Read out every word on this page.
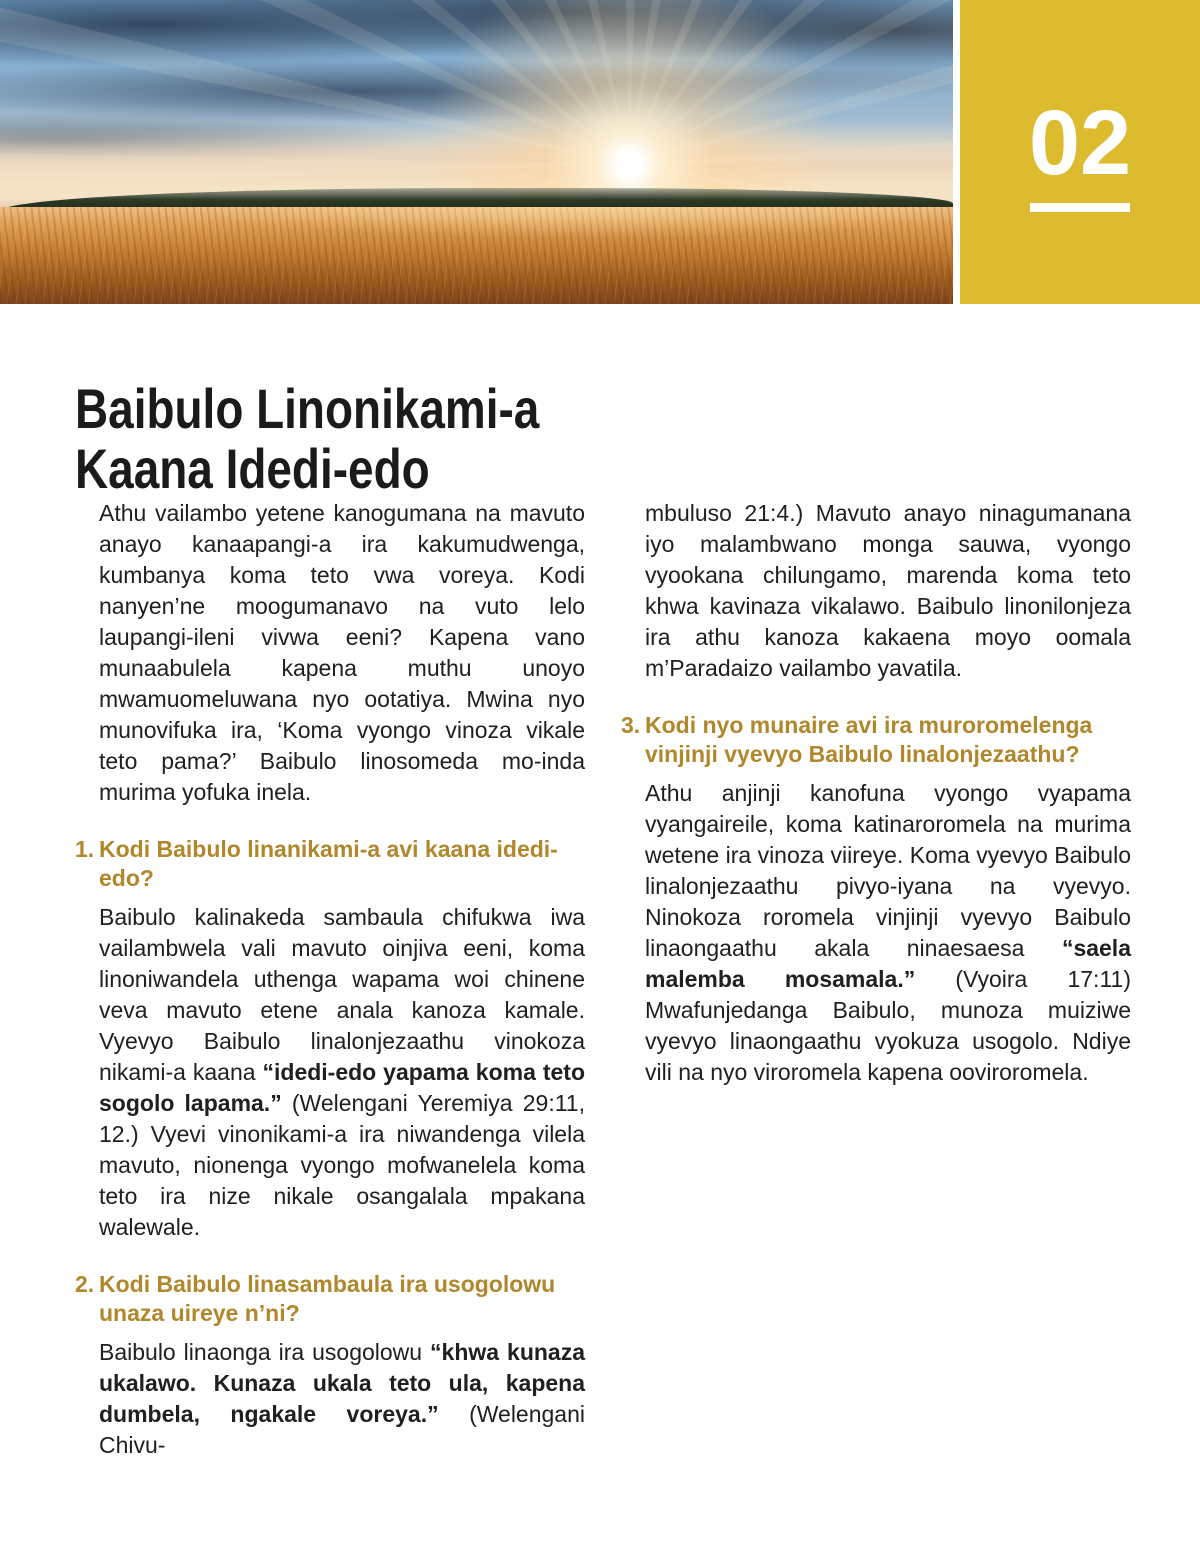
02
Baibulo Linonikami-a
Kaana Idedi-edo

Athu vailambo yetene kanogumana na mavuto anayo kanaapangi-a ira kakumudwenga, kumbanya koma teto vwa voreya. Kodi nanyen’ne moogumanavo na vuto lelo laupangi-ileni vivwa eeni? Kapena vano munaabulela kapena muthu unoyo mwamuomeluwana nyo ootatiya. Mwina nyo munovifuka ira, ‘Koma vyongo vinoza vikale teto pama?’ Baibulo linosomeda mo-inda murima yofuka inela.

1. Kodi Baibulo linanikami-a avi kaana idedi-edo?

Baibulo kalinakeda sambaula chifukwa iwa vailambwela vali mavuto oinjiva eeni, koma linoniwandela uthenga wapama woi chinene veva mavuto etene anala kanoza kamale. Vyevyo Baibulo linalonjezaathu vinokoza nikami-a kaana “idedi-edo yapama koma teto sogolo lapama.” (Welengani Yeremiya 29:11, 12.) Vyevi vinonikami-a ira niwandenga vilela mavuto, nionenga vyongo mofwanelela koma teto ira nize nikale osangalala mpakana walewale.

2. Kodi Baibulo linasambaula ira usogolowu unaza uireye n’ni?

Baibulo linaonga ira usogolowu “khwa kunaza ukalawo. Kunaza ukala teto ula, kapena dumbela, ngakale voreya.” (Welengani Chivu-

mbuluso 21:4.) Mavuto anayo ninagumanana iyo malambwano monga sauwa, vyongo vyookana chilungamo, marenda koma teto khwa kavinaza vikalawo. Baibulo linonilonjeza ira athu kanoza kakaena moyo oomala m’Paradaizo vailambo yavatila.

3. Kodi nyo munaire avi ira muroromelenga vinjinji vyevyo Baibulo linalonjezaathu?

Athu anjinji kanofuna vyongo vyapama vyangaireile, koma katinaroromela na murima wetene ira vinoza viireye. Koma vyevyo Baibulo linalonjezaathu pivyo-iyana na vyevyo. Ninokoza roromela vinjinji vyevyo Baibulo linaongaathu akala ninaesaesa “saela malemba mosamala.” (Vyoira 17:11) Mwafunjedanga Baibulo, munoza muiziwe vyevyo linaongaathu vyokuza usogolo. Ndiye vili na nyo viroromela kapena ooviroromela.
